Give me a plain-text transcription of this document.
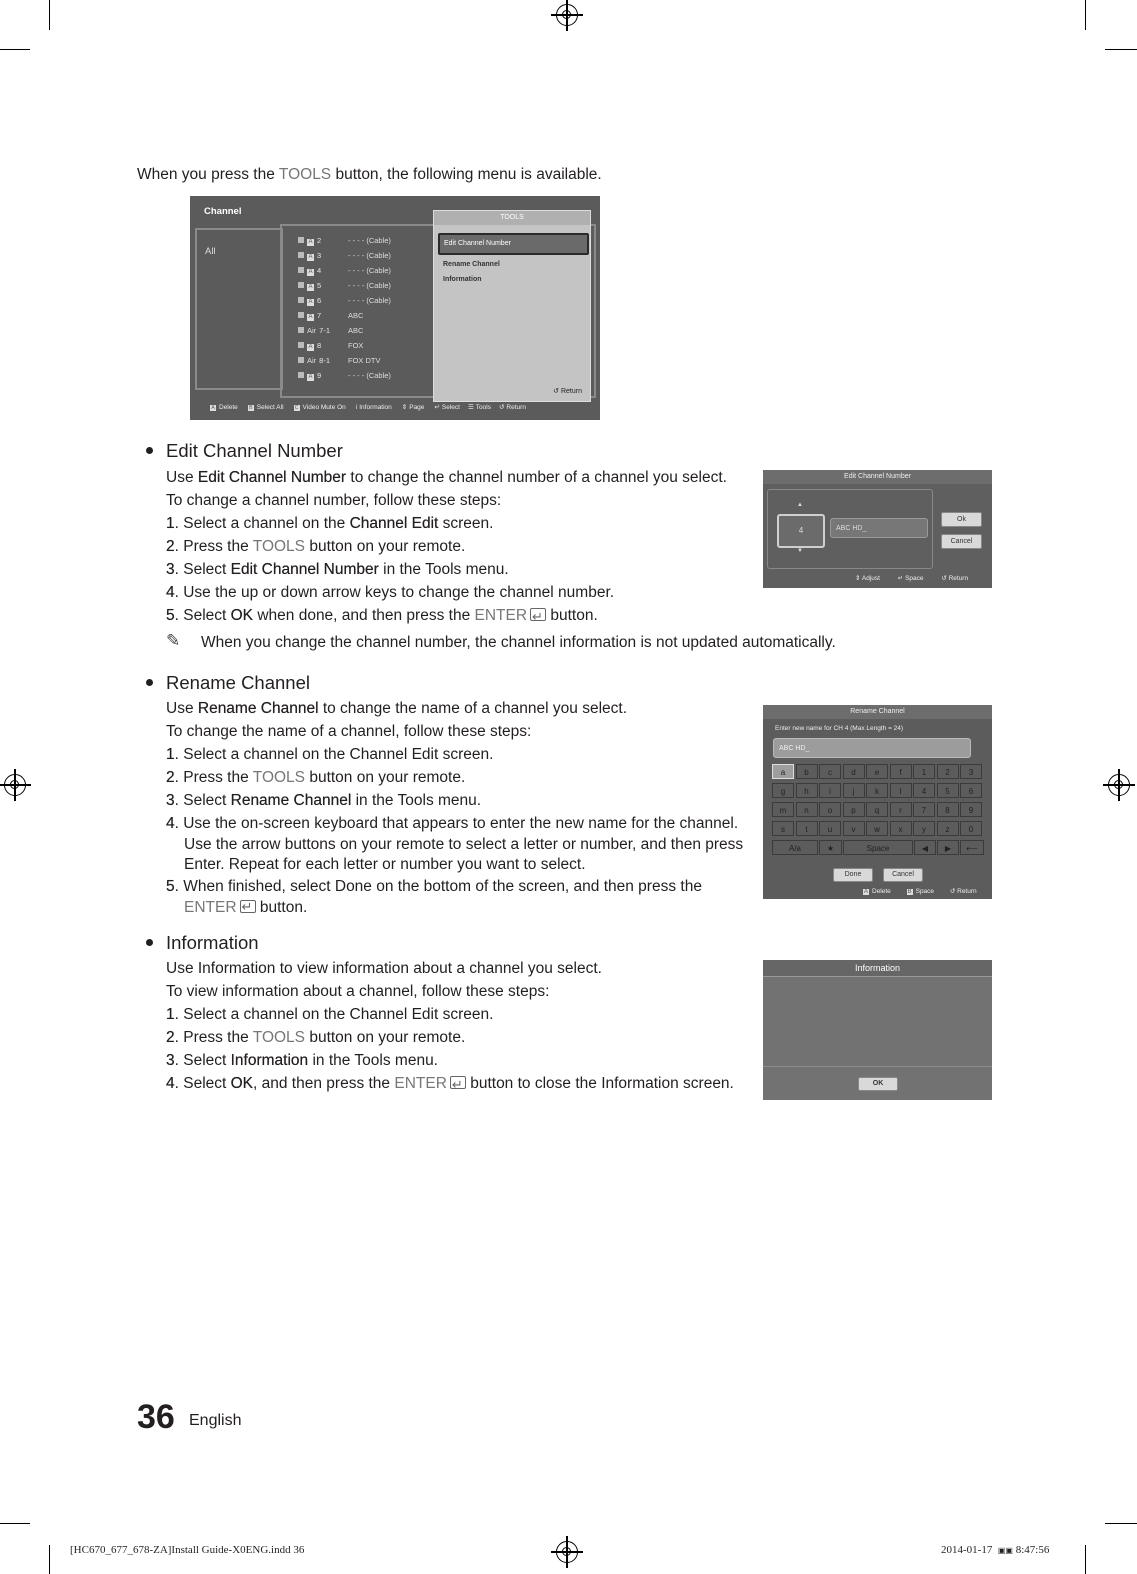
When you press the TOOLS button, the following menu is available.
Channel
All
A 2	- - - - (Cable)
A 3	- - - - (Cable)
A 4	- - - - (Cable)
A 5	- - - - (Cable)
A 6	- - - - (Cable)
A 7	ABC
Air 7-1 ABC
A 8	FOX
Air 8-1 FOX DTV
A 9	- - - - (Cable)
TOOLS
Edit Channel Number
Rename Channel
Information
↺ Return
A Delete B Select All C Video Mute On i Information ⇕ Page ↵ Select ☰ Tools ↺ Return
Edit Channel Number
Use Edit Channel Number to change the channel number of a channel you select.
To change a channel number, follow these steps:
1. Select a channel on the Channel Edit screen.
2. Press the TOOLS button on your remote.
3. Select Edit Channel Number in the Tools menu.
4. Use the up or down arrow keys to change the channel number.
5. Select OK when done, and then press the ENTER↵ button.
✎ When you change the channel number, the channel information is not updated automatically.
Edit Channel Number
▲
4
▼
ABC HD_
Ok
Cancel
⇕ Adjust	↵ Space	↺ Return
Rename Channel
Use Rename Channel to change the name of a channel you select.
To change the name of a channel, follow these steps:
1. Select a channel on the Channel Edit screen.
2. Press the TOOLS button on your remote.
3. Select Rename Channel in the Tools menu.
4. Use the on-screen keyboard that appears to enter the new name for the channel.
Use the arrow buttons on your remote to select a letter or number, and then press
Enter. Repeat for each letter or number you want to select.
5. When finished, select Done on the bottom of the screen, and then press the
ENTER↵ button.
Rename Channel
Enter new name for CH 4 (Max Length = 24)
ABC HD_
a	b	c	d	e	f	1	2	3
g	h	i	j	k	l	4	5	6
m	n	o	p	q	r	7	8	9
s	t	u	v	w	x	y	z	0
A/a	★	Space	◀	▶	⟵
Done	Cancel
A Delete	B Space ↺ Return
Information
Use Information to view information about a channel you select.
To view information about a channel, follow these steps:
1. Select a channel on the Channel Edit screen.
2. Press the TOOLS button on your remote.
3. Select Information in the Tools menu.
4. Select OK, and then press the ENTER↵ button to close the Information screen.
Information
OK
36 English
[HC670_677_678-ZA]Install Guide-X0ENG.indd 36	2014-01-17 ▣▣ 8:47:56
